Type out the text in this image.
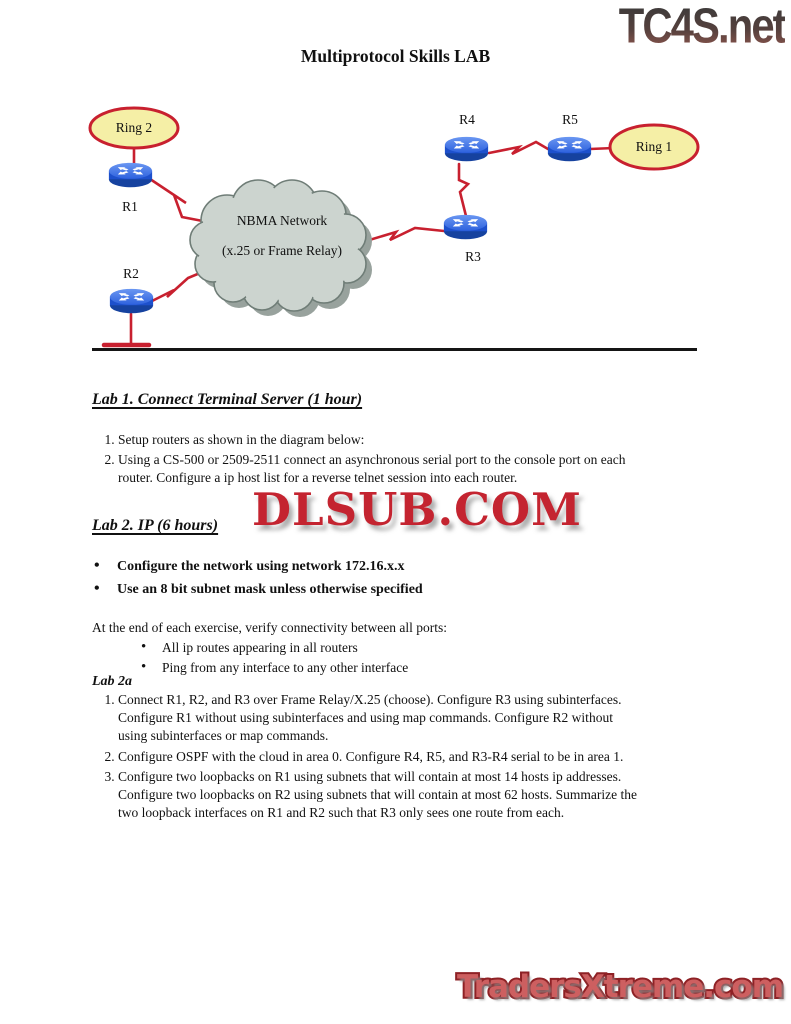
TC4S.net
DLSUB.COM
TradersXtreme.com
Multiprotocol Skills LAB
Ring 2
Ring 1
R1
R2
R3
R4	R5
NBMA Network
(x.25 or Frame Relay)
Lab 1. Connect Terminal Server (1 hour)
1. Setup routers as shown in the diagram below:
2. Using a CS-500 or 2509-2511 connect an asynchronous serial port to the console port on each
router. Configure a ip host list for a reverse telnet session into each router.
Lab 2. IP (6 hours)
• Configure the network using network 172.16.x.x
• Use an 8 bit subnet mask unless otherwise specified
At the end of each exercise, verify connectivity between all ports:
• All ip routes appearing in all routers
• Ping from any interface to any other interface
Lab 2a
1. Connect R1, R2, and R3 over Frame Relay/X.25 (choose). Configure R3 using subinterfaces.
Configure R1 without using subinterfaces and using map commands. Configure R2 without
using subinterfaces or map commands.
2. Configure OSPF with the cloud in area 0. Configure R4, R5, and R3-R4 serial to be in area 1.
3. Configure two loopbacks on R1 using subnets that will contain at most 14 hosts ip addresses.
Configure two loopbacks on R2 using subnets that will contain at most 62 hosts. Summarize the
two loopback interfaces on R1 and R2 such that R3 only sees one route from each.
